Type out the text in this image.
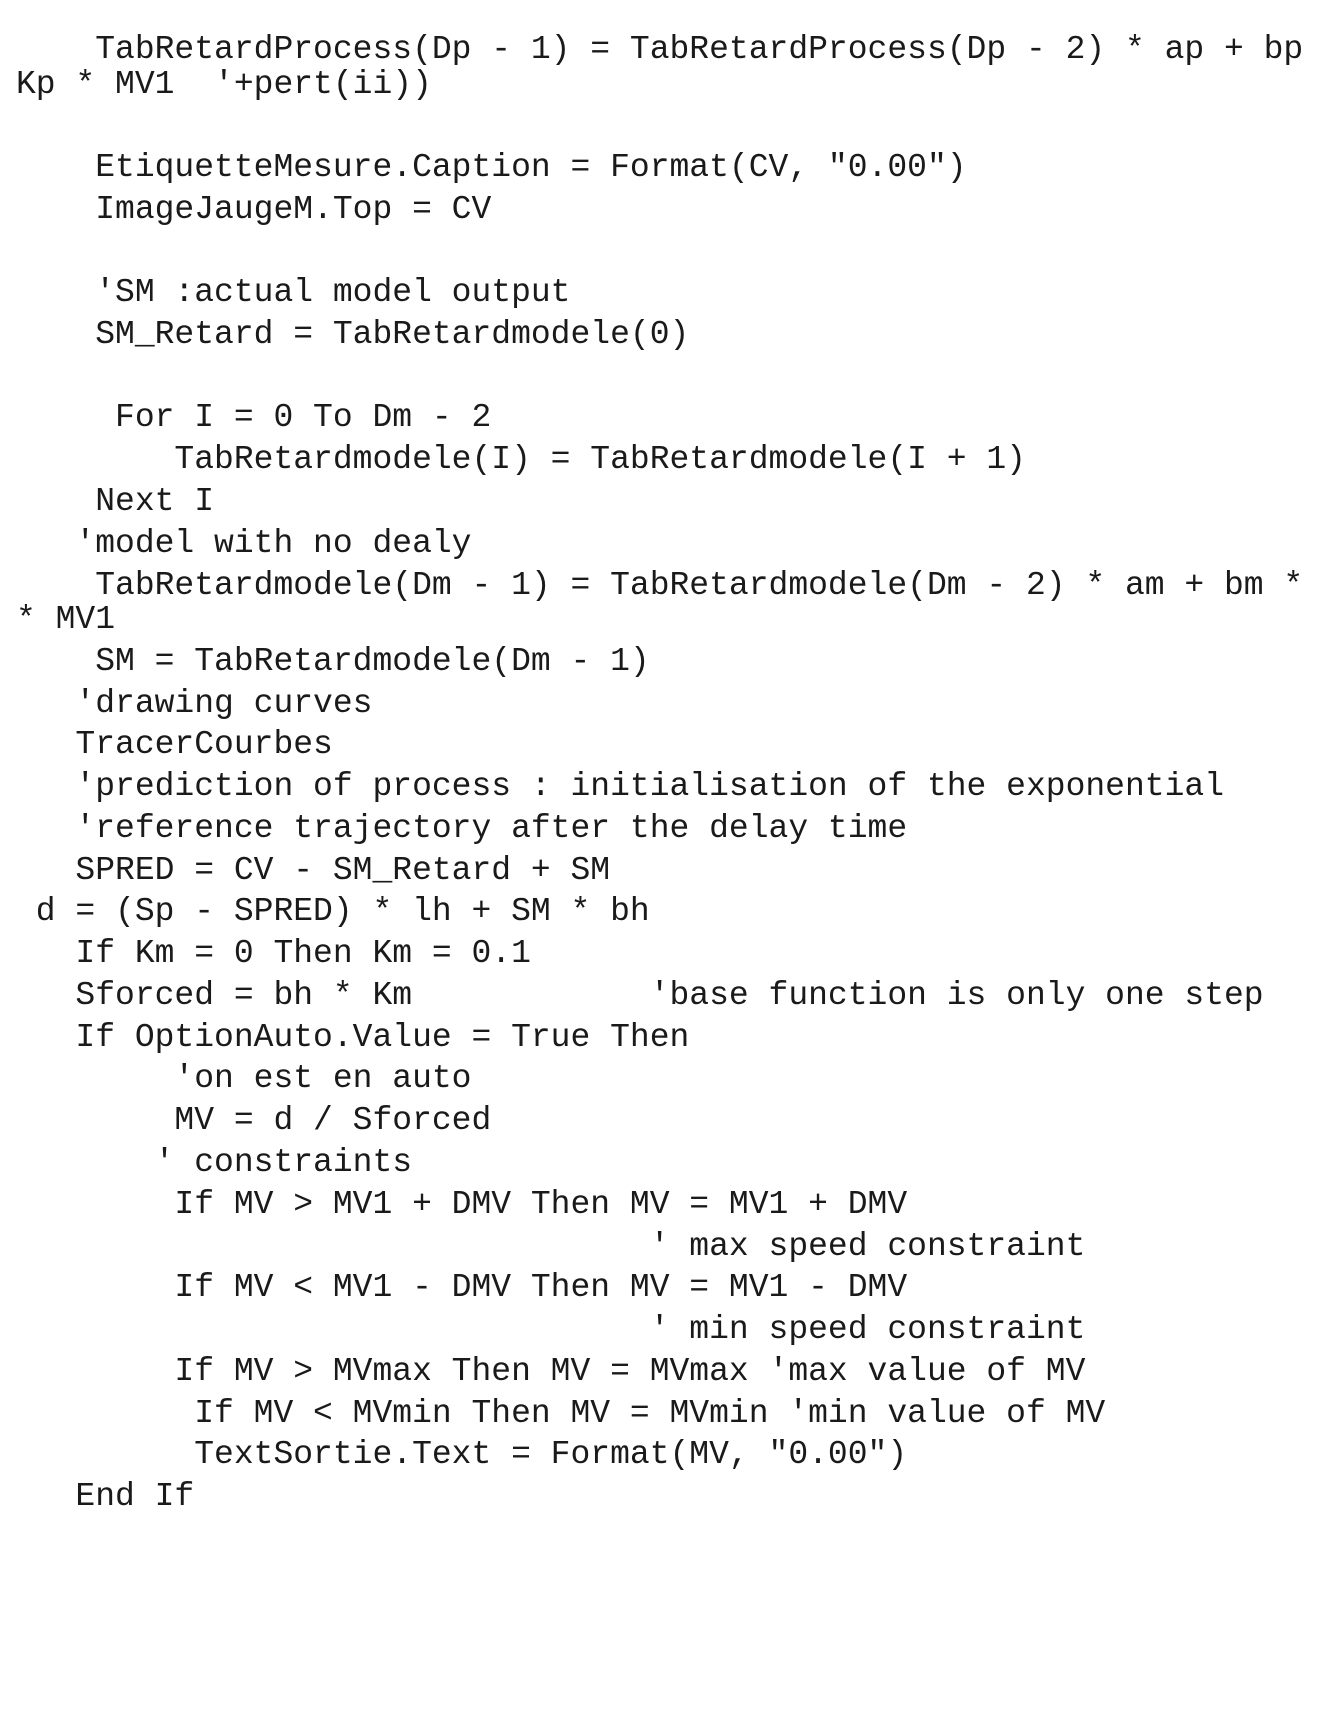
TabRetardProcess(Dp - 1) = TabRetardProcess(Dp - 2) * ap + bp
Kp * MV1  '+pert(ii))
EtiquetteMesure.Caption = Format(CV, "0.00")
ImageJaugeM.Top = CV
'SM :actual model output
SM_Retard = TabRetardmodele(0)
For I = 0 To Dm - 2
TabRetardmodele(I) = TabRetardmodele(I + 1)
Next I
'model with no dealy
TabRetardmodele(Dm - 1) = TabRetardmodele(Dm - 2) * am + bm *
* MV1
SM = TabRetardmodele(Dm - 1)
'drawing curves
TracerCourbes
'prediction of process : initialisation of the exponential
'reference trajectory after the delay time
SPRED = CV - SM_Retard + SM
d = (Sp - SPRED) * lh + SM * bh
If Km = 0 Then Km = 0.1
Sforced = bh * Km            'base function is only one step
If OptionAuto.Value = True Then
'on est en auto
MV = d / Sforced
' constraints
If MV > MV1 + DMV Then MV = MV1 + DMV
' max speed constraint
If MV < MV1 - DMV Then MV = MV1 - DMV
' min speed constraint
If MV > MVmax Then MV = MVmax 'max value of MV
If MV < MVmin Then MV = MVmin 'min value of MV
TextSortie.Text = Format(MV, "0.00")
End If
